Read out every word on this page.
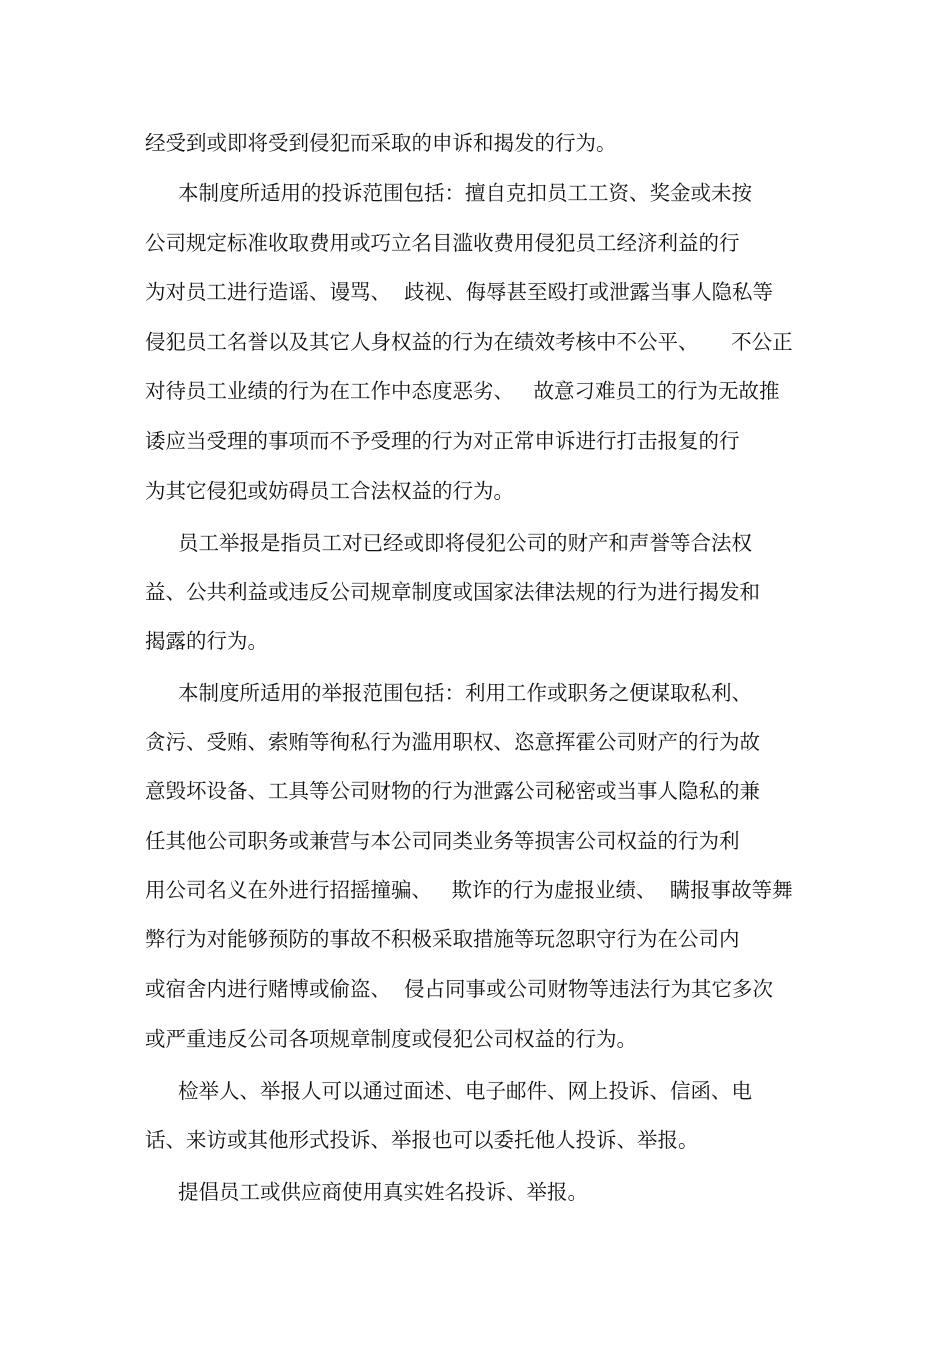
经受到或即将受到侵犯而采取的申诉和揭发的行为。

本制度所适用的投诉范围包括：擅自克扣员工工资、奖金或未按

公司规定标准收取费用或巧立名目滥收费用侵犯员工经济利益的行

为对员工进行造谣、谩骂、  歧视、侮辱甚至殴打或泄露当事人隐私等

侵犯员工名誉以及其它人身权益的行为在绩效考核中不公平、     不公正

对待员工业绩的行为在工作中态度恶劣、   故意刁难员工的行为无故推

诿应当受理的事项而不予受理的行为对正常申诉进行打击报复的行

为其它侵犯或妨碍员工合法权益的行为。

员工举报是指员工对已经或即将侵犯公司的财产和声誉等合法权

益、公共利益或违反公司规章制度或国家法律法规的行为进行揭发和

揭露的行为。

本制度所适用的举报范围包括：利用工作或职务之便谋取私利、

贪污、受贿、索贿等徇私行为滥用职权、恣意挥霍公司财产的行为故

意毁坏设备、工具等公司财物的行为泄露公司秘密或当事人隐私的兼

任其他公司职务或兼营与本公司同类业务等损害公司权益的行为利

用公司名义在外进行招摇撞骗、   欺诈的行为虚报业绩、  瞒报事故等舞

弊行为对能够预防的事故不积极采取措施等玩忽职守行为在公司内

或宿舍内进行赌博或偷盗、  侵占同事或公司财物等违法行为其它多次

或严重违反公司各项规章制度或侵犯公司权益的行为。

检举人、举报人可以通过面述、电子邮件、网上投诉、信函、电

话、来访或其他形式投诉、举报也可以委托他人投诉、举报。

提倡员工或供应商使用真实姓名投诉、举报。
